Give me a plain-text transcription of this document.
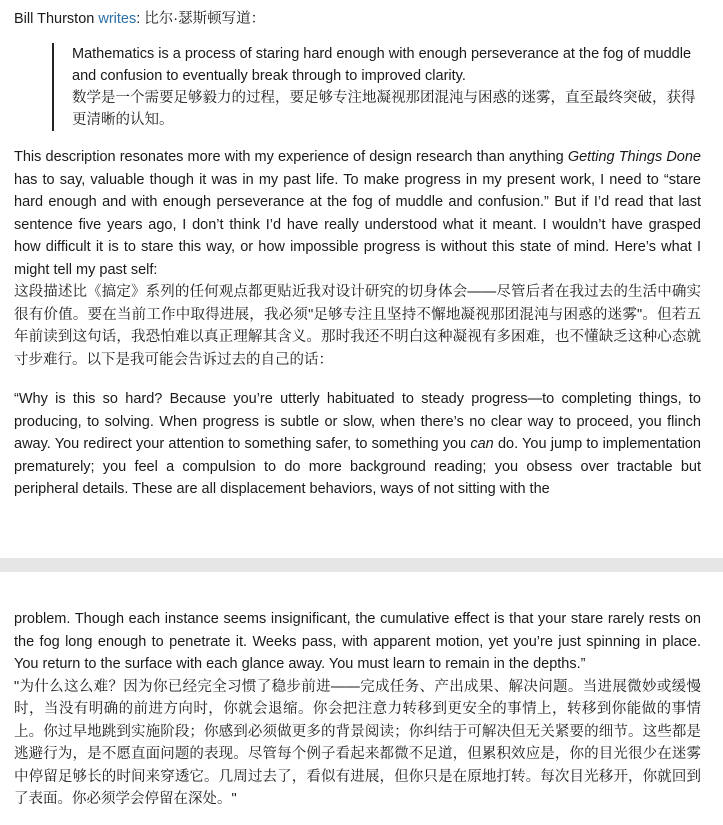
Bill Thurston writes: 比尔·瑟斯顿写道：

Mathematics is a process of staring hard enough with enough perseverance at the fog of muddle and confusion to eventually break through to improved clarity.

数学是一个需要足够毅力的过程，要足够专注地凝视那团混沌与困惑的迷雾，直至最终突破，获得更清晰的认知。

This description resonates more with my experience of design research than anything Getting Things Done has to say, valuable though it was in my past life. To make progress in my present work, I need to “stare hard enough and with enough perseverance at the fog of muddle and confusion.” But if I’d read that last sentence five years ago, I don’t think I’d have really understood what it meant. I wouldn’t have grasped how difficult it is to stare this way, or how impossible progress is without this state of mind. Here’s what I might tell my past self:

这段描述比《搞定》系列的任何观点都更贴近我对设计研究的切身体会——尽管后者在我过去的生活中确实很有价值。要在当前工作中取得进展，我必须"足够专注且坚持不懈地凝视那团混沌与困惑的迷雾"。但若五年前读到这句话，我恐怕难以真正理解其含义。那时我还不明白这种凝视有多困难，也不懂缺乏这种心态就寸步难行。以下是我可能会告诉过去的自己的话：

“Why is this so hard? Because you’re utterly habituated to steady progress—to completing things, to producing, to solving. When progress is subtle or slow, when there’s no clear way to proceed, you flinch away. You redirect your attention to something safer, to something you can do. You jump to implementation prematurely; you feel a compulsion to do more background reading; you obsess over tractable but peripheral details. These are all displacement behaviors, ways of not sitting with the

problem. Though each instance seems insignificant, the cumulative effect is that your stare rarely rests on the fog long enough to penetrate it. Weeks pass, with apparent motion, yet you’re just spinning in place. You return to the surface with each glance away. You must learn to remain in the depths.”

"为什么这么难？因为你已经完全习惯了稳步前进——完成任务、产出成果、解决问题。当进展微妙或缓慢时，当没有明确的前进方向时，你就会退缩。你会把注意力转移到更安全的事情上，转移到你能做的事情上。你过早地跳到实施阶段；你感到必须做更多的背景阅读；你纠结于可解决但无关紧要的细节。这些都是逃避行为，是不愿直面问题的表现。尽管每个例子看起来都微不足道，但累积效应是，你的目光很少在迷雾中停留足够长的时间来穿透它。几周过去了，看似有进展，但你只是在原地打转。每次目光移开，你就回到了表面。你必须学会停留在深处。"
